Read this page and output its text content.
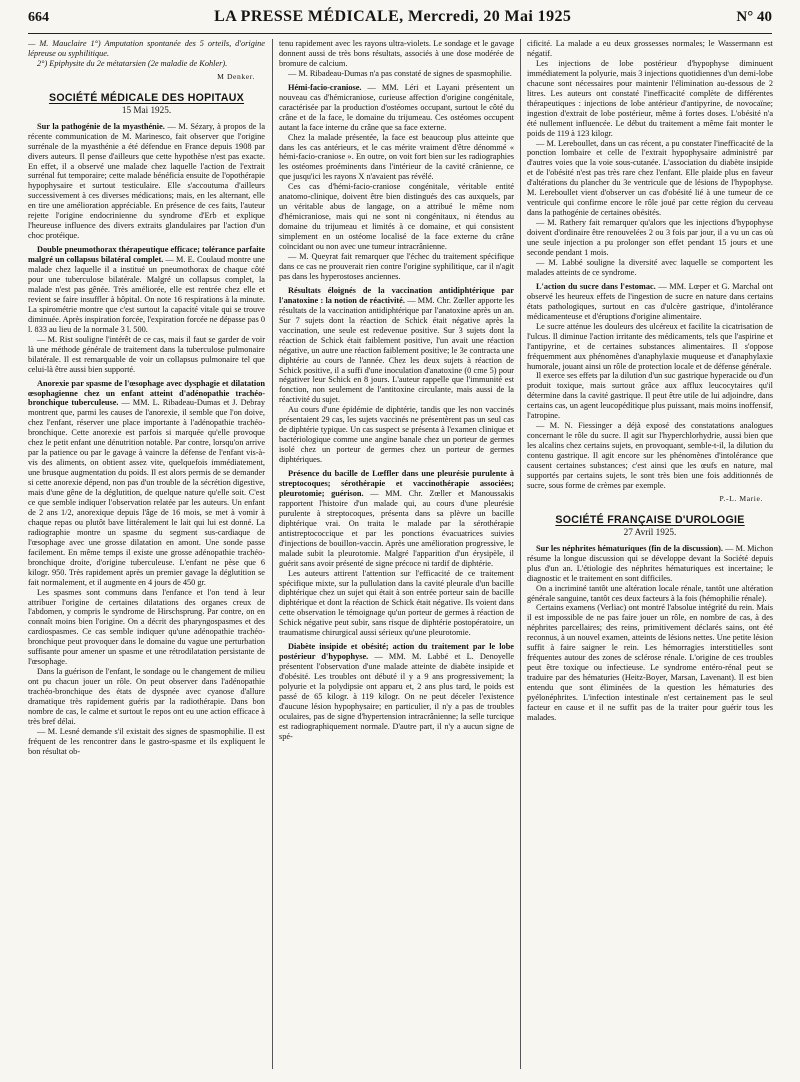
664	LA PRESSE MÉDICALE, Mercredi, 20 Mai 1925	N° 40

— M. Mauclaire 1°) Amputation spontanée des 5 orteils, d'origine lépreuse ou syphilitique.

2°) Epiphysite du 2e métatarsien (2e maladie de Kohler).

M Denker.
SOCIÉTÉ MÉDICALE DES HOPITAUX
15 Mai 1925.

Sur la pathogénie de la myasthénie. — M. Sézary, à propos de la récente communication de M. Marinesco, fait observer que l'origine surrénale de la myasthénie a été défendue en France depuis 1908 par divers auteurs. Il pense d'ailleurs que cette hypothèse n'est pas exacte. En effet, il a observé une malade chez laquelle l'action de l'extrait surrénal fut temporaire; cette malade bénéficia ensuite de l'opothérapie hypophysaire et surtout testiculaire. Elle s'accoutuma d'ailleurs successivement à ces diverses médications; mais, en les alternant, elle en tire une amélioration appréciable. En présence de ces faits, l'auteur rejette l'origine endocrinienne du syndrome d'Erb et explique l'heureuse influence des divers extraits glandulaires par l'action d'un choc protéique.

Double pneumothorax thérapeutique efficace; tolérance parfaite malgré un collapsus bilatéral complet. — M. E. Coulaud montre une malade chez laquelle il a institué un pneumothorax de chaque côté pour une tuberculose bilatérale. Malgré un collapsus complet, la malade n'est pas gênée. Très améliorée, elle est rentrée chez elle et revient se faire insuffler à hôpital. On note 16 respirations à la minute. La spirométrie montre que c'est surtout la capacité vitale qui se trouve diminuée. Après inspiration forcée, l'expiration forcée ne dépasse pas 0 l. 833 au lieu de la normale 3 l. 500.

— M. Rist souligne l'intérêt de ce cas, mais il faut se garder de voir là une méthode générale de traitement dans la tuberculose pulmonaire bilatérale. Il est remarquable de voir un collapsus pulmonaire tel que celui-là être aussi bien supporté.

Anorexie par spasme de l'œsophage avec dysphagie et dilatation œsophagienne chez un enfant atteint d'adénopathie trachéo-bronchique tuberculeuse. — MM. L. Ribadeau-Dumas et J. Debray montrent que, parmi les causes de l'anorexie, il semble que l'on doive, chez l'enfant, réserver une place importante à l'adénopathie trachéo-bronchique. Cette anorexie est parfois si marquée qu'elle provoque chez le petit enfant une dénutrition notable. Par contre, lorsqu'on arrive par la patience ou par le gavage à vaincre la défense de l'enfant vis-à-vis des aliments, on obtient assez vite, quelquefois immédiatement, une brusque augmentation du poids. Il est alors permis de se demander si cette anorexie dépend, non pas d'un trouble de la sécrétion digestive, mais d'une gêne de la déglutition, de quelque nature qu'elle soit. C'est ce que semble indiquer l'observation relatée par les auteurs. Un enfant de 2 ans 1/2, anorexique depuis l'âge de 16 mois, se met à vomir à chaque repas ou plutôt bave littéralement le lait qui lui est donné. La radiographie montre un spasme du segment sus-cardiaque de l'œsophage avec une grosse dilatation en amont. Une sonde passe facilement. En même temps il existe une grosse adénopathie trachéo-bronchique droite, d'origine tuberculeuse. L'enfant ne pèse que 6 kilogr. 950. Très rapidement après un premier gavage la déglutition se fait normalement, et il augmente en 4 jours de 450 gr.

Les spasmes sont communs dans l'enfance et l'on tend à leur attribuer l'origine de certaines dilatations des organes creux de l'abdomen, y compris le syndrome de Hirschsprung. Par contre, on en connaît moins bien l'origine. On a décrit des pharyngospasmes et des cardiospasmes. Ce cas semble indiquer qu'une adénopathie trachéo-bronchique peut provoquer dans le domaine du vague une perturbation suffisante pour amener un spasme et une rétrodilatation persistante de l'œsophage.

Dans la guérison de l'enfant, le sondage ou le changement de milieu ont pu chacun jouer un rôle. On peut observer dans l'adénopathie trachéo-bronchique des états de dyspnée avec cyanose d'allure dramatique très rapidement guéris par la radiothérapie. Dans bon nombre de cas, le calme et surtout le repos ont eu une action efficace à très bref délai.

— M. Lesné demande s'il existait des signes de spasmophilie. Il est fréquent de les rencontrer dans le gastro-spasme et ils expliquent le bon résultat ob-

tenu rapidement avec les rayons ultra-violets. Le sondage et le gavage donnent aussi de très bons résultats, associés à une dose modérée de bromure de calcium.

— M. Ribadeau-Dumas n'a pas constaté de signes de spasmophilie.

Hémi-facio-craniose. — MM. Léri et Layani présentent un nouveau cas d'hémicraniose, curieuse affection d'origine congénitale, caractérisée par la production d'ostéomes occupant, surtout le côté du crâne et de la face, le domaine du trijumeau. Ces ostéomes occupent autant la face interne du crâne que sa face externe.

Chez la malade présentée, la face est beaucoup plus atteinte que dans les cas antérieurs, et le cas mérite vraiment d'être dénommé « hémi-facio-craniose ». En outre, on voit fort bien sur les radiographies les ostéomes proéminents dans l'intérieur de la cavité crânienne, ce que jusqu'ici les rayons X n'avaient pas révélé.

Ces cas d'hémi-facio-craniose congénitale, véritable entité anatomo-clinique, doivent être bien distingués des cas auxquels, par un véritable abus de langage, on a attribué le même nom d'hémicraniose, mais qui ne sont ni congénitaux, ni étendus au domaine du trijumeau et limités à ce domaine, et qui consistent simplement en un ostéome localisé de la face externe du crâne coïncidant ou non avec une tumeur intracrânienne.

— M. Queyrat fait remarquer que l'échec du traitement spécifique dans ce cas ne prouverait rien contre l'origine syphilitique, car il n'agit pas dans les hyperostoses anciennes.

Résultats éloignés de la vaccination antidiphtérique par l'anatoxine : la notion de réactivité. — MM. Chr. Zœller apporte les résultats de la vaccination antidiphtérique par l'anatoxine après un an. Sur 7 sujets dont la réaction de Schick était négative après la vaccination, une seule est redevenue positive. Sur 3 sujets dont la réaction de Schick était faiblement positive, l'un avait une réaction négative, un autre une réaction faiblement positive; le 3e contracta une diphtérie au cours de l'année. Chez les deux sujets à réaction de Schick positive, il a suffi d'une inoculation d'anatoxine (0 cme 5) pour négativer leur Schick en 8 jours. L'auteur rappelle que l'immunité est fonction, non seulement de l'antitoxine circulante, mais aussi de la réactivité du sujet.

Au cours d'une épidémie de diphtérie, tandis que les non vaccinés présentaient 29 cas, les sujets vaccinés ne présentèrent pas un seul cas de diphtérie typique. Un cas suspect se présenta à l'examen clinique et bactériologique comme une angine banale chez un porteur de germes isolé chez un porteur de germes chez un porteur de germes diphtériques.

Présence du bacille de Lœffler dans une pleurésie purulente à streptocoques; sérothérapie et vaccinothérapie associées; pleurotomie; guérison. — MM. Chr. Zœller et Manoussakis rapportent l'histoire d'un malade qui, au cours d'une pleurésie purulente à streptocoques, présenta dans sa plèvre un bacille diphtérique vrai. On traita le malade par la sérothérapie antistreptococcique et par les ponctions évacuatrices suivies d'injections de bouillon-vaccin. Après une amélioration progressive, le malade subit la pleurotomie. Malgré l'apparition d'un érysipèle, il guérit sans avoir présenté de signe précoce ni tardif de diphtérie.

Les auteurs attirent l'attention sur l'efficacité de ce traitement spécifique mixte, sur la pullulation dans la cavité pleurale d'un bacille diphtérique chez un sujet qui était à son entrée porteur sain de bacille diphtérique et dont la réaction de Schick était négative. Ils voient dans cette observation le témoignage qu'un porteur de germes à réaction de Schick négative peut subir, sans risque de diphtérie postopératoire, un traumatisme chirurgical aussi sérieux qu'une pleurotomie.

Diabète insipide et obésité; action du traitement par le lobe postérieur d'hypophyse. — MM. M. Labbé et L. Denoyelle présentent l'observation d'une malade atteinte de diabète insipide et d'obésité. Les troubles ont débuté il y a 9 ans progressivement; la polyurie et la polydipsie ont apparu et, 2 ans plus tard, le poids est passé de 65 kilogr. à 119 kilogr. On ne peut déceler l'existence d'aucune lésion hypophysaire; en particulier, il n'y a pas de troubles oculaires, pas de signe d'hypertension intracrânienne; la selle turcique est radiographiquement normale. D'autre part, il n'y a aucun signe de spé-

cificité. La malade a eu deux grossesses normales; le Wassermann est négatif.

Les injections de lobe postérieur d'hypophyse diminuent immédiatement la polyurie, mais 3 injections quotidiennes d'un demi-lobe chacune sont nécessaires pour maintenir l'élimination au-dessous de 2 litres. Les auteurs ont constaté l'inefficacité complète de différentes thérapeutiques : injections de lobe antérieur d'antipyrine, de novocaïne; ingestion d'extrait de lobe postérieur, même à fortes doses. L'obésité n'a été nullement influencée. Le début du traitement a même fait monter le poids de 119 à 123 kilogr.

— M. Lereboullet, dans un cas récent, a pu constater l'inefficacité de la ponction lombaire et celle de l'extrait hypophysaire administré par d'autres voies que la voie sous-cutanée. L'association du diabète insipide et de l'obésité n'est pas très rare chez l'enfant. Elle plaide plus en faveur d'altérations du plancher du 3e ventricule que de lésions de l'hypophyse. M. Lereboullet vient d'observer un cas d'obésité lié à une tumeur de ce ventricule qui confirme encore le rôle joué par cette région du cerveau dans la pathogénie de certaines obésités.

— M. Rathery fait remarquer qu'alors que les injections d'hypophyse doivent d'ordinaire être renouvelées 2 ou 3 fois par jour, il a vu un cas où une seule injection a pu prolonger son effet pendant 15 jours et une seconde pendant 1 mois.

— M. Labbé souligne la diversité avec laquelle se comportent les malades atteints de ce syndrome.

L'action du sucre dans l'estomac. — MM. Lœper et G. Marchal ont observé les heureux effets de l'ingestion de sucre en nature dans certains états pathologiques, surtout en cas d'ulcère gastrique, d'intolérance médicamenteuse et d'éruptions d'origine alimentaire.

Le sucre atténue les douleurs des ulcéreux et facilite la cicatrisation de l'ulcus. Il diminue l'action irritante des médicaments, tels que l'aspirine et l'antipyrine, et de certaines substances alimentaires. Il s'oppose fréquemment aux phénomènes d'anaphylaxie muqueuse et d'anaphylaxie humorale, jouant ainsi un rôle de protection locale et de défense générale.

Il exerce ses effets par la dilution d'un suc gastrique hyperacide ou d'un produit toxique, mais surtout grâce aux afflux leucocytaires qu'il détermine dans la cavité gastrique. Il peut être utile de lui adjoindre, dans certains cas, un agent leucopéditique plus puissant, mais moins inoffensif, l'atropine.

— M. N. Fiessinger a déjà exposé des constatations analogues concernant le rôle du sucre. Il agit sur l'hyperchlorhydrie, aussi bien que les alcalins chez certains sujets, en provoquant, semble-t-il, la dilution du contenu gastrique. Il agit encore sur les phénomènes d'intolérance que causent certaines substances; c'est ainsi que les œufs en nature, mal supportés par certains sujets, le sont très bien une fois additionnés de sucre, sous forme de crèmes par exemple.

P.-L. Marie.
SOCIÉTÉ FRANÇAISE D'UROLOGIE
27 Avril 1925.

Sur les néphrites hématuriques (fin de la discussion). — M. Michon résume la longue discussion qui se développe devant la Société depuis plus d'un an. L'étiologie des néphrites hématuriques est incertaine; le diagnostic et le traitement en sont difficiles.

On a incriminé tantôt une altération locale rénale, tantôt une altération générale sanguine, tantôt ces deux facteurs à la fois (hémophilie rénale).

Certains examens (Verliac) ont montré l'absolue intégrité du rein. Mais il est impossible de ne pas faire jouer un rôle, en nombre de cas, à des néphrites parcellaires; des reins, primitivement déclarés sains, ont été reconnus, à un nouvel examen, atteints de lésions nettes. Une petite lésion suffit à faire saigner le rein. Les hémorragies interstitielles sont fréquentes autour des zones de sclérose rénale. L'origine de ces troubles peut être toxique ou infectieuse. Le syndrome entéro-rénal peut se traduire par des hématuries (Heitz-Boyer, Marsan, Lavenant). Il est bien entendu que sont éliminées de la question les hématuries des pyélonéphrites. L'infection intestinale n'est certainement pas le seul facteur en cause et il ne suffit pas de la traiter pour guérir tous les malades.
